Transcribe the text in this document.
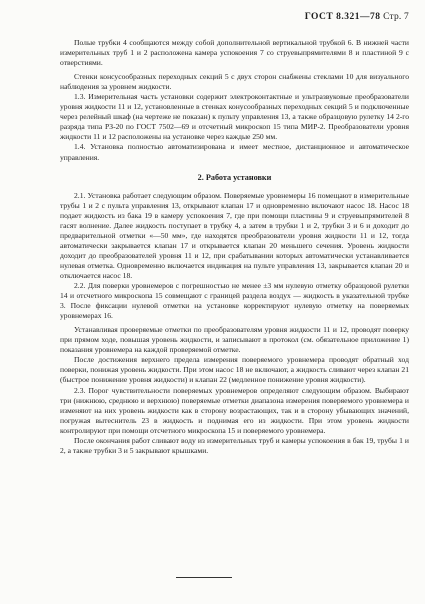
ГОСТ 8.321—78 Стр. 7

Полые трубки 4 сообщаются между собой дополнительной вертикальной трубкой 6. В нижней части измерительных труб 1 и 2 расположена камера успокоения 7 со струевыпрямителями 8 и пластиной 9 с отверстиями.

Стенки консусообразных переходных секций 5 с двух сторон снабжены стеклами 10 для визуального наблюдения за уровнем жидкости.

1.3. Измерительная часть установки содержит электроконтактные и ультразвуковые преобразователи уровня жидкости 11 и 12, установленные в стенках конусообразных переходных секций 5 и подключенные через релейный шкаф (на чертеже не показан) к пульту управления 13, а также образцовую рулетку 14 2-го разряда типа РЗ-20 по ГОСТ 7502—69 и отсчетный микроскоп 15 типа МИР-2. Преобразователи уровня жидкости 11 и 12 расположены на установке через каждые 250 мм.

1.4. Установка полностью автоматизирована и имеет местное, дистанционное и автоматическое управления.

2. Работа установки

2.1. Установка работает следующим образом. Поверяемые уровнемеры 16 помещают в измерительные трубы 1 и 2 с пульта управления 13, открывают клапан 17 и одновременно включают насос 18. Насос 18 подает жидкость из бака 19 в камеру успокоения 7, где при помощи пластины 9 и струевыпрямителей 8 гасят волнение. Далее жидкость поступает в трубку 4, а затем в трубки 1 и 2, трубки 3 и 6 и доходит до предварительной отметки «—50 мм», где находятся преобразователи уровня жидкости 11 и 12, тогда автоматически закрывается клапан 17 и открывается клапан 20 меньшего сечения. Уровень жидкости доходит до преобразователей уровня 11 и 12, при срабатывании которых автоматически устанавливается нулевая отметка. Одновременно включается индикация на пульте управления 13, закрывается клапан 20 и отключается насос 18.

2.2. Для поверки уровнемеров с погрешностью не менее ±3 мм нулевую отметку образцовой рулетки 14 и отсчетного микроскопа 15 совмещают с границей раздела воздух — жидкость в указательной трубке 3. После фиксации нулевой отметки на установке корректируют нулевую отметку на поверяемых уровнемерах 16.

Устанавливая проверяемые отметки по преобразователям уровня жидкости 11 и 12, проводят поверку при прямом ходе, повышая уровень жидкости, и записывают в протокол (см. обязательное приложение 1) показания уровнемера на каждой проверяемой отметке.

После достижения верхнего предела измерения поверяемого уровнемера проводят обратный ход поверки, понижая уровень жидкости. При этом насос 18 не включают, а жидкость сливают через клапан 21 (быстрое понижение уровня жидкости) и клапан 22 (медленное понижение уровня жидкости).

2.3. Порог чувствительности поверяемых уровнемеров определяют следующим образом. Выбирают три (нижнюю, среднюю и верхнюю) поверяемые отметки диапазона измерения поверяемого уровнемера и изменяют на них уровень жидкости как в сторону возрастающих, так и в сторону убывающих значений, погружая вытеснитель 23 в жидкость и поднимая его из жидкости. При этом уровень жидкости контролируют при помощи отсчетного микроскопа 15 и поверяемого уровнемера.

После окончания работ сливают воду из измерительных труб и камеры успокоения в бак 19, трубы 1 и 2, а также трубки 3 и 5 закрывают крышками.
